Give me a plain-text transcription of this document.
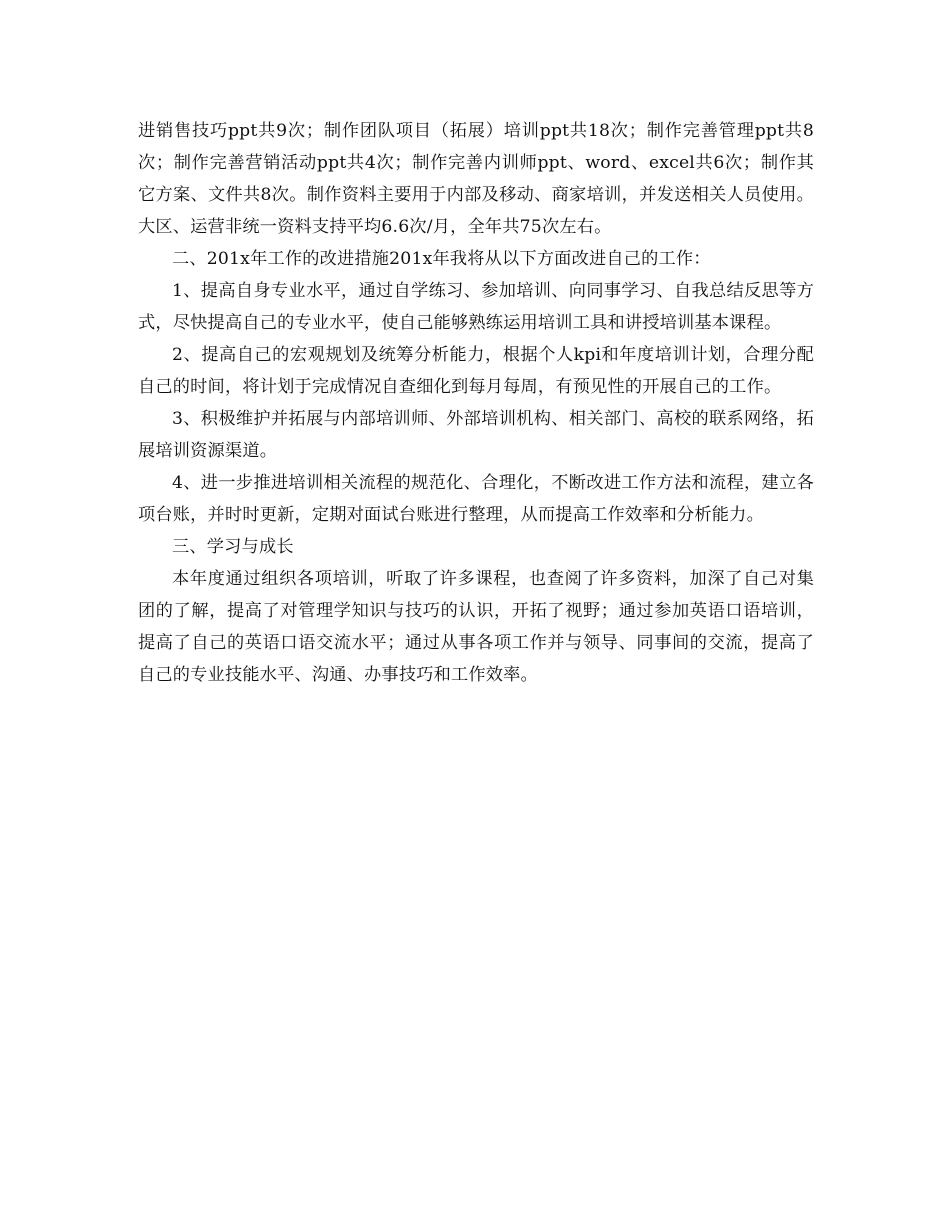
进销售技巧ppt共9次；制作团队项目（拓展）培训ppt共18次；制作完善管理ppt共8次；制作完善营销活动ppt共4次；制作完善内训师ppt、word、excel共6次；制作其它方案、文件共8次。制作资料主要用于内部及移动、商家培训，并发送相关人员使用。大区、运营非统一资料支持平均6.6次/月，全年共75次左右。

二、201x年工作的改进措施201x年我将从以下方面改进自己的工作：

1、提高自身专业水平，通过自学练习、参加培训、向同事学习、自我总结反思等方式，尽快提高自己的专业水平，使自己能够熟练运用培训工具和讲授培训基本课程。

2、提高自己的宏观规划及统筹分析能力，根据个人kpi和年度培训计划，合理分配自己的时间，将计划于完成情况自查细化到每月每周，有预见性的开展自己的工作。

3、积极维护并拓展与内部培训师、外部培训机构、相关部门、高校的联系网络，拓展培训资源渠道。

4、进一步推进培训相关流程的规范化、合理化，不断改进工作方法和流程，建立各项台账，并时时更新，定期对面试台账进行整理，从而提高工作效率和分析能力。

三、学习与成长

本年度通过组织各项培训，听取了许多课程，也查阅了许多资料，加深了自己对集团的了解，提高了对管理学知识与技巧的认识，开拓了视野；通过参加英语口语培训，提高了自己的英语口语交流水平；通过从事各项工作并与领导、同事间的交流，提高了自己的专业技能水平、沟通、办事技巧和工作效率。
